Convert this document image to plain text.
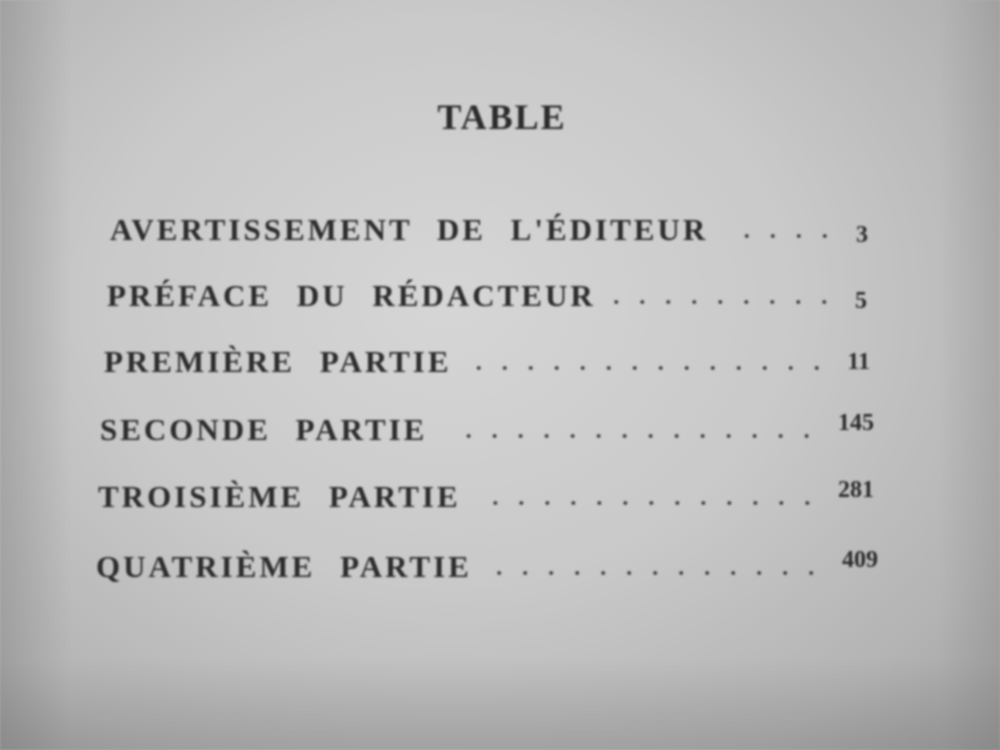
TABLE
AVERTISSEMENT DE L'ÉDITEUR	3
PRÉFACE DU RÉDACTEUR	5
PREMIÈRE PARTIE	11
SECONDE PARTIE	145
TROISIÈME PARTIE	281
QUATRIÈME PARTIE	409
